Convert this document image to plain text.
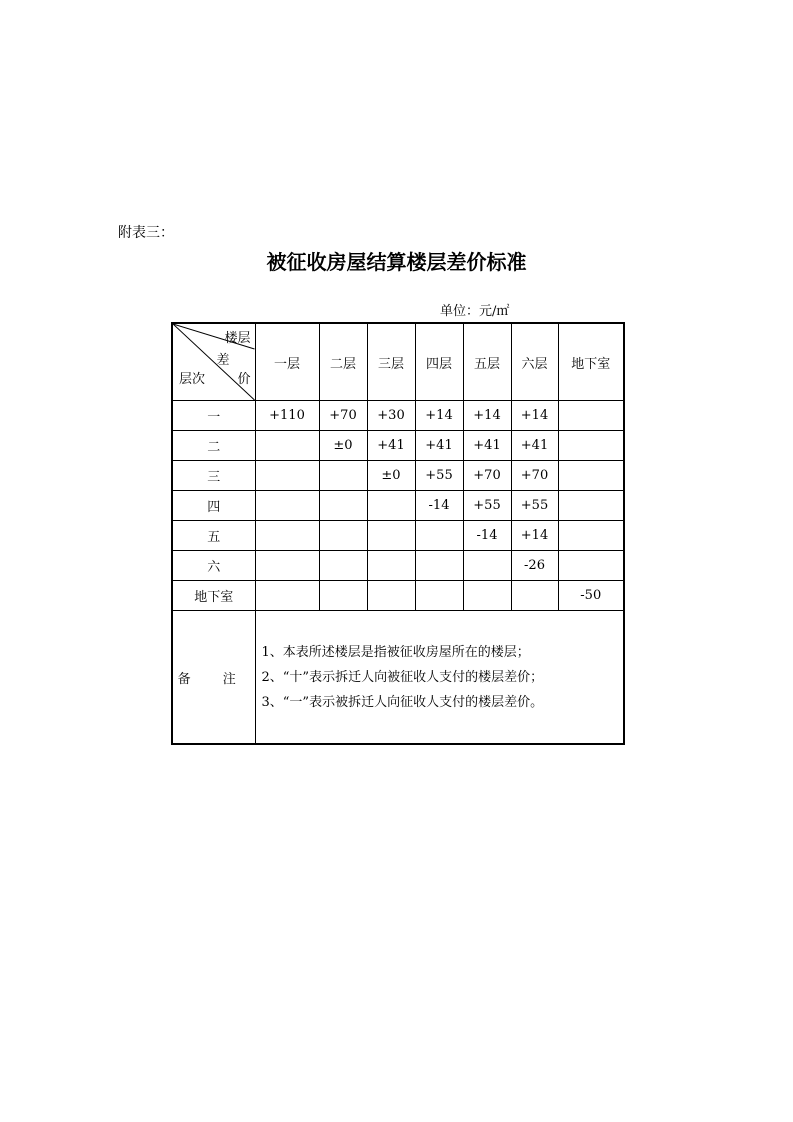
附表三：
被征收房屋结算楼层差价标准
单位：元/㎡
楼层
差
价
层次	一层	二层	三层	四层	五层	六层	地下室
一	+110	+70	+30	+14	+14	+14	
二		±0	+41	+41	+41	+41	
三			±0	+55	+70	+70	
四				-14	+55	+55	
五					-14	+14	
六						-26	
地下室							-50
备 注	1、本表所述楼层是指被征收房屋所在的楼层；
2、“十”表示拆迁人向被征收人支付的楼层差价；
3、“一”表示被拆迁人向征收人支付的楼层差价。						
